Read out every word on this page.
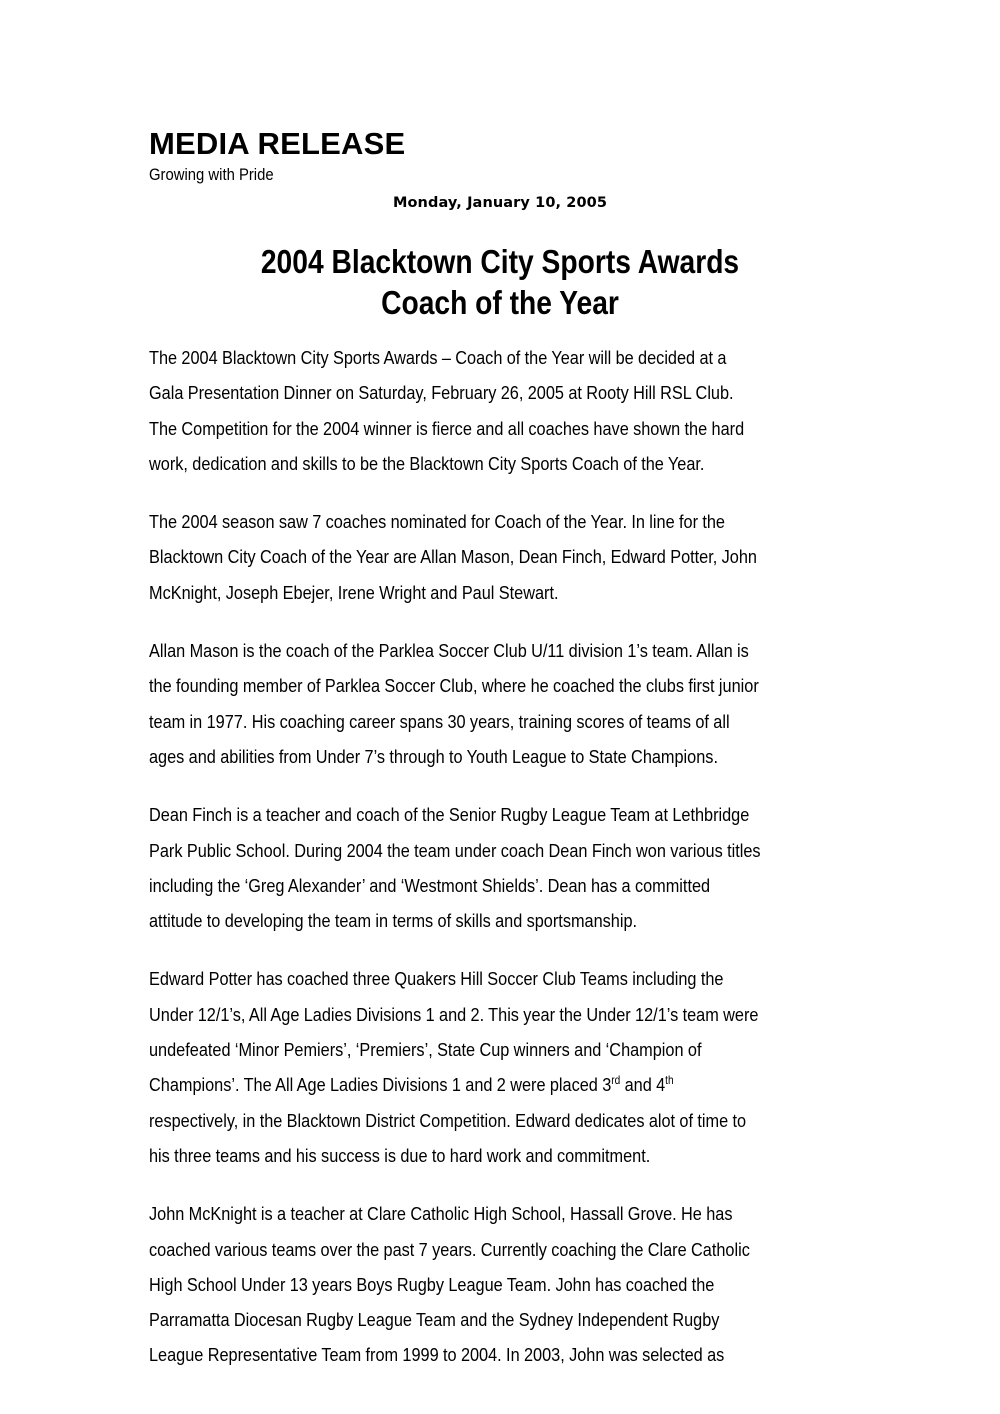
MEDIA RELEASE
Growing with Pride
Monday, January 10, 2005
2004 Blacktown City Sports Awards
Coach of the Year

The 2004 Blacktown City Sports Awards – Coach of the Year will be decided at a
Gala Presentation Dinner on Saturday, February 26, 2005 at Rooty Hill RSL Club.
The Competition for the 2004 winner is fierce and all coaches have shown the hard
work, dedication and skills to be the Blacktown City Sports Coach of the Year.

The 2004 season saw 7 coaches nominated for Coach of the Year. In line for the
Blacktown City Coach of the Year are Allan Mason, Dean Finch, Edward Potter, John
McKnight, Joseph Ebejer, Irene Wright and Paul Stewart.

Allan Mason is the coach of the Parklea Soccer Club U/11 division 1’s team. Allan is
the founding member of Parklea Soccer Club, where he coached the clubs first junior
team in 1977. His coaching career spans 30 years, training scores of teams of all
ages and abilities from Under 7’s through to Youth League to State Champions.

Dean Finch is a teacher and coach of the Senior Rugby League Team at Lethbridge
Park Public School. During 2004 the team under coach Dean Finch won various titles
including the ‘Greg Alexander’ and ‘Westmont Shields’. Dean has a committed
attitude to developing the team in terms of skills and sportsmanship.

Edward Potter has coached three Quakers Hill Soccer Club Teams including the
Under 12/1’s, All Age Ladies Divisions 1 and 2. This year the Under 12/1’s team were
undefeated ‘Minor Pemiers’, ‘Premiers’, State Cup winners and ‘Champion of
Champions’. The All Age Ladies Divisions 1 and 2 were placed 3rd and 4th
respectively, in the Blacktown District Competition. Edward dedicates alot of time to
his three teams and his success is due to hard work and commitment.

John McKnight is a teacher at Clare Catholic High School, Hassall Grove. He has
coached various teams over the past 7 years. Currently coaching the Clare Catholic
High School Under 13 years Boys Rugby League Team. John has coached the
Parramatta Diocesan Rugby League Team and the Sydney Independent Rugby
League Representative Team from 1999 to 2004. In 2003, John was selected as
